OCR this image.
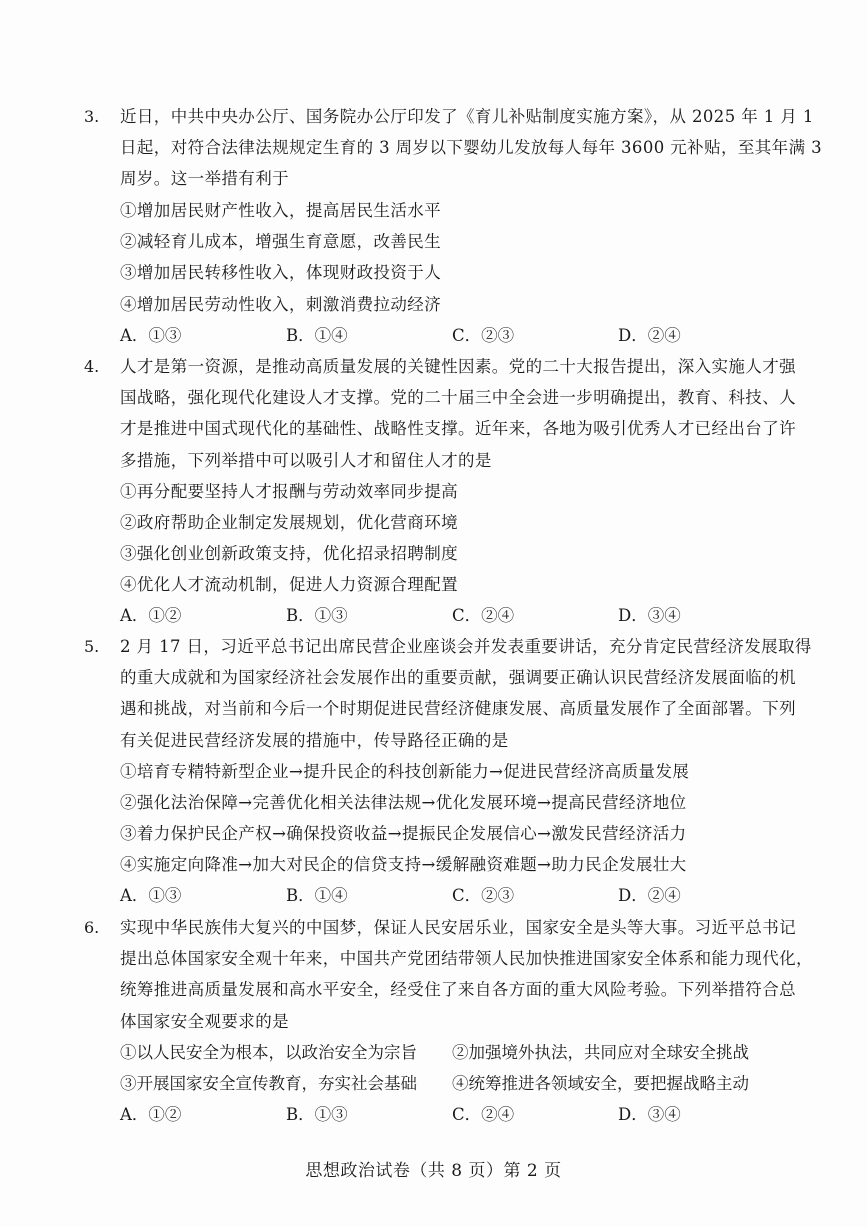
3. 近日，中共中央办公厅、国务院办公厅印发了《育儿补贴制度实施方案》，从 2025 年 1 月 1
日起，对符合法律法规规定生育的 3 周岁以下婴幼儿发放每人每年 3600 元补贴，至其年满 3
周岁。这一举措有利于
①增加居民财产性收入，提高居民生活水平
②减轻育儿成本，增强生育意愿，改善民生
③增加居民转移性收入，体现财政投资于人
④增加居民劳动性收入，刺激消费拉动经济
A．①③	B．①④	C．②③	D．②④
4. 人才是第一资源，是推动高质量发展的关键性因素。党的二十大报告提出，深入实施人才强
国战略，强化现代化建设人才支撑。党的二十届三中全会进一步明确提出，教育、科技、人
才是推进中国式现代化的基础性、战略性支撑。近年来，各地为吸引优秀人才已经出台了许
多措施，下列举措中可以吸引人才和留住人才的是
①再分配要坚持人才报酬与劳动效率同步提高
②政府帮助企业制定发展规划，优化营商环境
③强化创业创新政策支持，优化招录招聘制度
④优化人才流动机制，促进人力资源合理配置
A．①②	B．①③	C．②④	D．③④
5. 2 月 17 日，习近平总书记出席民营企业座谈会并发表重要讲话，充分肯定民营经济发展取得
的重大成就和为国家经济社会发展作出的重要贡献，强调要正确认识民营经济发展面临的机
遇和挑战，对当前和今后一个时期促进民营经济健康发展、高质量发展作了全面部署。下列
有关促进民营经济发展的措施中，传导路径正确的是
①培育专精特新型企业→提升民企的科技创新能力→促进民营经济高质量发展
②强化法治保障→完善优化相关法律法规→优化发展环境→提高民营经济地位
③着力保护民企产权→确保投资收益→提振民企发展信心→激发民营经济活力
④实施定向降准→加大对民企的信贷支持→缓解融资难题→助力民企发展壮大
A．①③	B．①④	C．②③	D．②④
6. 实现中华民族伟大复兴的中国梦，保证人民安居乐业，国家安全是头等大事。习近平总书记
提出总体国家安全观十年来，中国共产党团结带领人民加快推进国家安全体系和能力现代化，
统筹推进高质量发展和高水平安全，经受住了来自各方面的重大风险考验。下列举措符合总
体国家安全观要求的是
①以人民安全为根本，以政治安全为宗旨 ②加强境外执法，共同应对全球安全挑战
③开展国家安全宣传教育，夯实社会基础 ④统筹推进各领域安全，要把握战略主动
A．①②	B．①③	C．②④	D．③④
思想政治试卷（共 8 页）第 2 页
